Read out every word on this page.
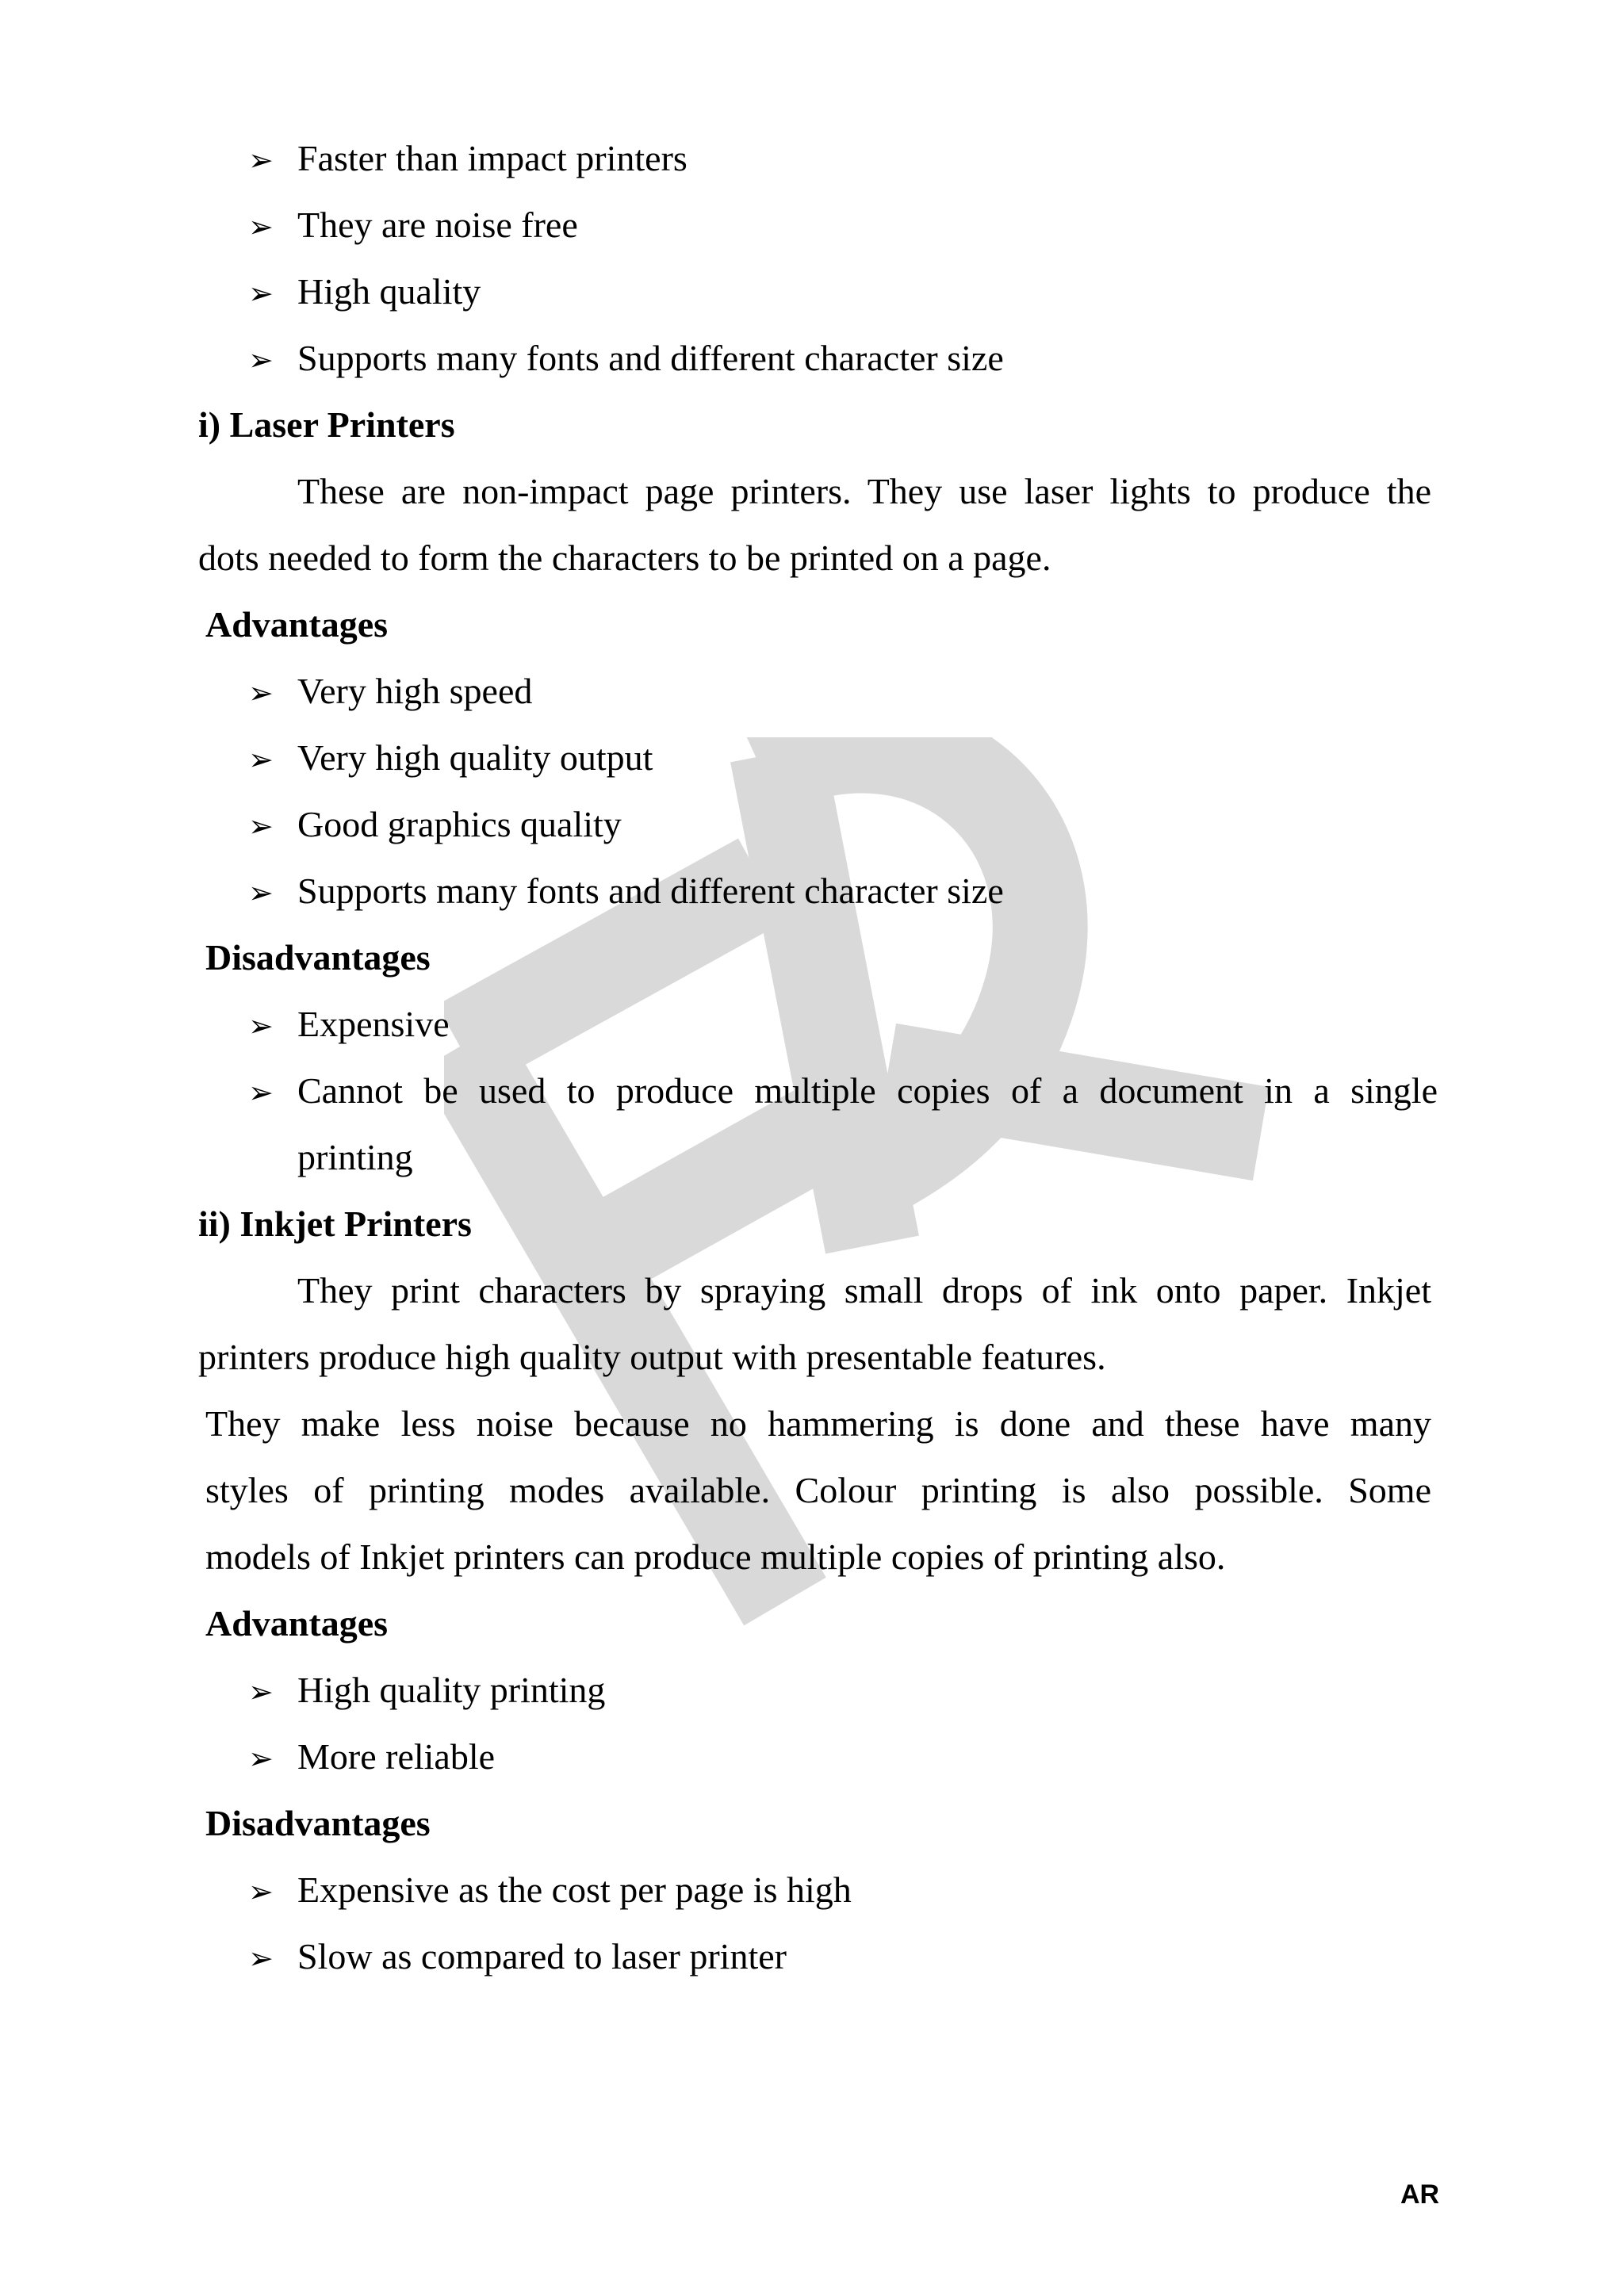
➢ Faster than impact printers
➢ They are noise free
➢ High quality
➢ Supports many fonts and different character size
i) Laser Printers
These are non-impact page printers. They use laser lights to produce the
dots needed to form the characters to be printed on a page.
Advantages
➢ Very high speed
➢ Very high quality output
➢ Good graphics quality
➢ Supports many fonts and different character size
Disadvantages
➢ Expensive
➢ Cannot be used to produce multiple copies of a document in a single
printing
ii) Inkjet Printers
They print characters by spraying small drops of ink onto paper. Inkjet
printers produce high quality output with presentable features.
They make less noise because no hammering is done and these have many
styles of printing modes available. Colour printing is also possible. Some
models of Inkjet printers can produce multiple copies of printing also.
Advantages
➢ High quality printing
➢ More reliable
Disadvantages
➢ Expensive as the cost per page is high
➢ Slow as compared to laser printer
AR
